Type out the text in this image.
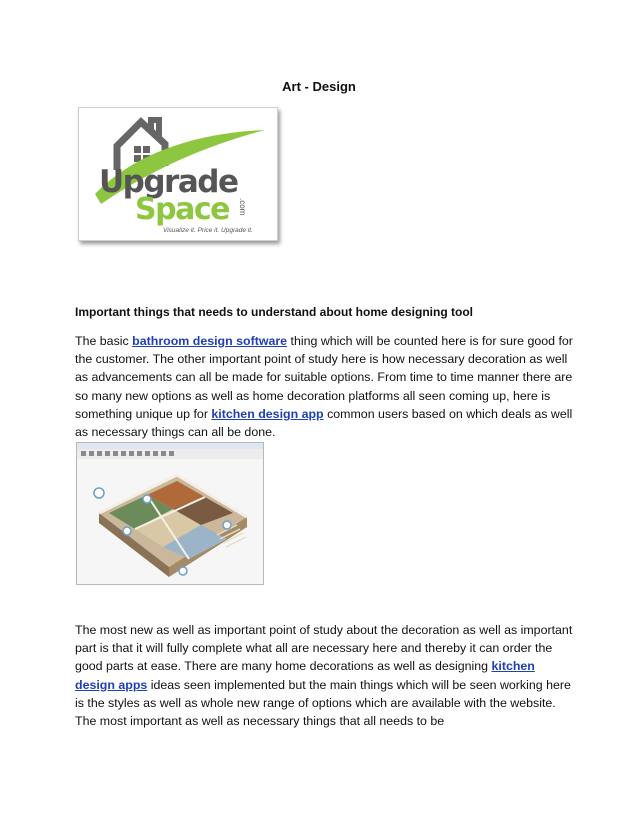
Art - Design
Upgrade
Space .com
Visualize it. Price it. Upgrade it.
Important things that needs to understand about home designing tool

The basic bathroom design software thing which will be counted here is for sure good for the customer. The other important point of study here is how necessary decoration as well as advancements can all be made for suitable options. From time to time manner there are so many new options as well as home decoration platforms all seen coming up, here is something unique up for kitchen design app common users based on which deals as well as necessary things can all be done.

The most new as well as important point of study about the decoration as well as important part is that it will fully complete what all are necessary here and thereby it can order the good parts at ease. There are many home decorations as well as designing kitchen design apps ideas seen implemented but the main things which will be seen working here is the styles as well as whole new range of options which are available with the website. The most important as well as necessary things that all needs to be
